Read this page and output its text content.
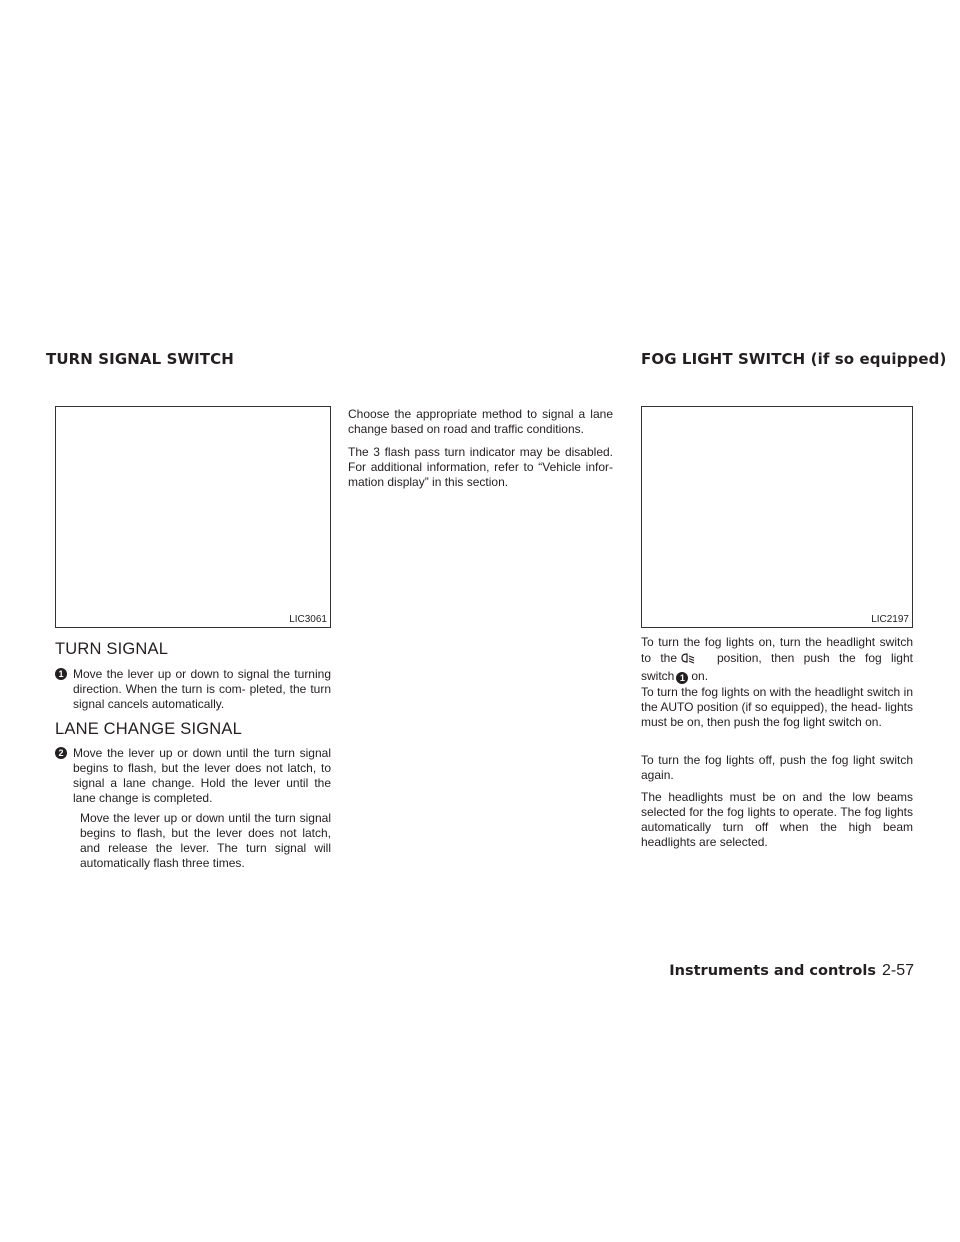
TURN SIGNAL SWITCH	FOG LIGHT SWITCH (if so equipped)
LIC3061
TURN SIGNAL
1 Move the lever up or down to signal the turning direction. When the turn is com- pleted, the turn signal cancels automatically.

LANE CHANGE SIGNAL
2 Move the lever up or down until the turn signal begins to flash, but the lever does not latch, to signal a lane change. Hold the lever until the lane change is completed.

Move the lever up or down until the turn signal begins to flash, but the lever does not latch, and release the lever. The turn signal will automatically flash three times.

Choose the appropriate method to signal a lane change based on road and traffic conditions.

The 3 flash pass turn indicator may be disabled. For additional information, refer to “Vehicle infor- mation display” in this section.

LIC2197

To turn the fog lights on, turn the headlight switch to the	position, then push the fog light switch 1 on.

To turn the fog lights on with the headlight switch in the AUTO position (if so equipped), the head- lights must be on, then push the fog light switch on.

To turn the fog lights off, push the fog light switch again.

The headlights must be on and the low beams selected for the fog lights to operate. The fog lights automatically turn off when the high beam headlights are selected.

Instruments and controls 2-57
